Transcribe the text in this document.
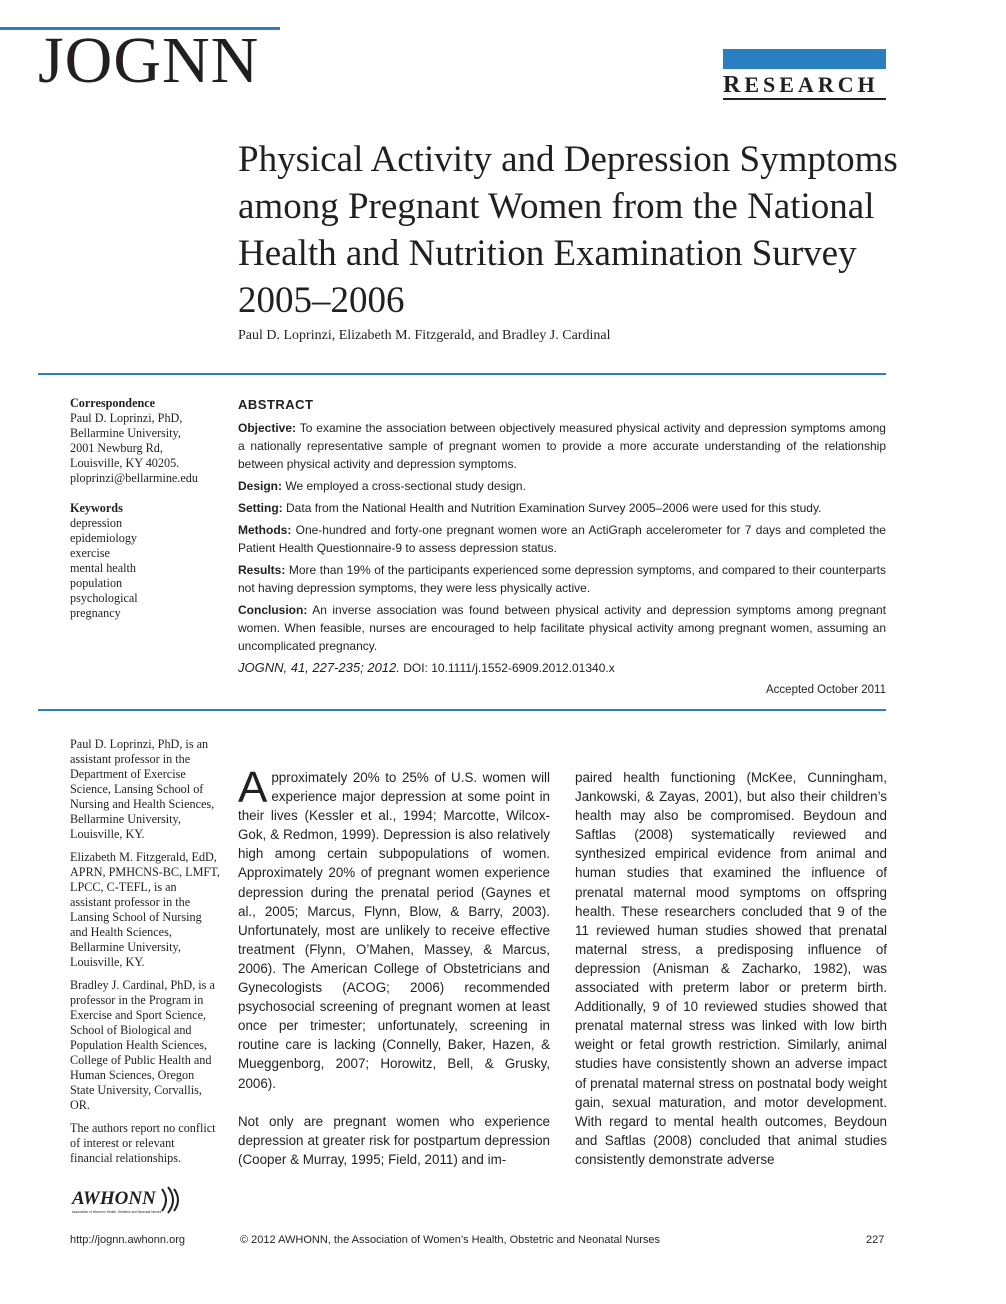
JOGNN	RESEARCH
Physical Activity and Depression Symptoms among Pregnant Women from the National Health and Nutrition Examination Survey 2005–2006
Paul D. Loprinzi, Elizabeth M. Fitzgerald, and Bradley J. Cardinal

Correspondence

Paul D. Loprinzi, PhD,

Bellarmine University,

2001 Newburg Rd,

Louisville, KY 40205.

ploprinzi@bellarmine.edu

Keywords

depression

epidemiology

exercise

mental health

population

psychological

pregnancy

ABSTRACT

Objective: To examine the association between objectively measured physical activity and depression symptoms among a nationally representative sample of pregnant women to provide a more accurate understanding of the relationship between physical activity and depression symptoms.

Design: We employed a cross-sectional study design.

Setting: Data from the National Health and Nutrition Examination Survey 2005–2006 were used for this study.

Methods: One-hundred and forty-one pregnant women wore an ActiGraph accelerometer for 7 days and completed the Patient Health Questionnaire-9 to assess depression status.

Results: More than 19% of the participants experienced some depression symptoms, and compared to their counterparts not having depression symptoms, they were less physically active.

Conclusion: An inverse association was found between physical activity and depression symptoms among pregnant women. When feasible, nurses are encouraged to help facilitate physical activity among pregnant women, assuming an uncomplicated pregnancy.

JOGNN, 41, 227-235; 2012. DOI: 10.1111/j.1552-6909.2012.01340.x
Accepted October 2011

Paul D. Loprinzi, PhD, is an assistant professor in the Department of Exercise Science, Lansing School of Nursing and Health Sciences, Bellarmine University, Louisville, KY.

Elizabeth M. Fitzgerald, EdD, APRN, PMHCNS-BC, LMFT, LPCC, C-TEFL, is an assistant professor in the Lansing School of Nursing and Health Sciences, Bellarmine University, Louisville, KY.

Bradley J. Cardinal, PhD, is a professor in the Program in Exercise and Sport Science, School of Biological and Population Health Sciences, College of Public Health and Human Sciences, Oregon State University, Corvallis, OR.

The authors report no conflict of interest or relevant financial relationships.

AWHONN
Association of Women's Health, Obstetric and Neonatal Nurses

Approximately 20% to 25% of U.S. women will experience major depression at some point in their lives (Kessler et al., 1994; Marcotte, Wilcox-Gok, & Redmon, 1999). Depression is also relatively high among certain subpopulations of women. Approximately 20% of pregnant women experience depression during the prenatal period (Gaynes et al., 2005; Marcus, Flynn, Blow, & Barry, 2003). Unfortunately, most are unlikely to receive effective treatment (Flynn, O’Mahen, Massey, & Marcus, 2006). The American College of Obstetricians and Gynecologists (ACOG; 2006) recommended psychosocial screening of pregnant women at least once per trimester; unfortunately, screening in routine care is lacking (Connelly, Baker, Hazen, & Mueggenborg, 2007; Horowitz, Bell, & Grusky, 2006).

Not only are pregnant women who experience depression at greater risk for postpartum depression (Cooper & Murray, 1995; Field, 2011) and im-

paired health functioning (McKee, Cunningham, Jankowski, & Zayas, 2001), but also their children’s health may also be compromised. Beydoun and Saftlas (2008) systematically reviewed and synthesized empirical evidence from animal and human studies that examined the influence of prenatal maternal mood symptoms on offspring health. These researchers concluded that 9 of the 11 reviewed human studies showed that prenatal maternal stress, a predisposing influence of depression (Anisman & Zacharko, 1982), was associated with preterm labor or preterm birth. Additionally, 9 of 10 reviewed studies showed that prenatal maternal stress was linked with low birth weight or fetal growth restriction. Similarly, animal studies have consistently shown an adverse impact of prenatal maternal stress on postnatal body weight gain, sexual maturation, and motor development. With regard to mental health outcomes, Beydoun and Saftlas (2008) concluded that animal studies consistently demonstrate adverse

http://jognn.awhonn.org	© 2012 AWHONN, the Association of Women’s Health, Obstetric and Neonatal Nurses	227
